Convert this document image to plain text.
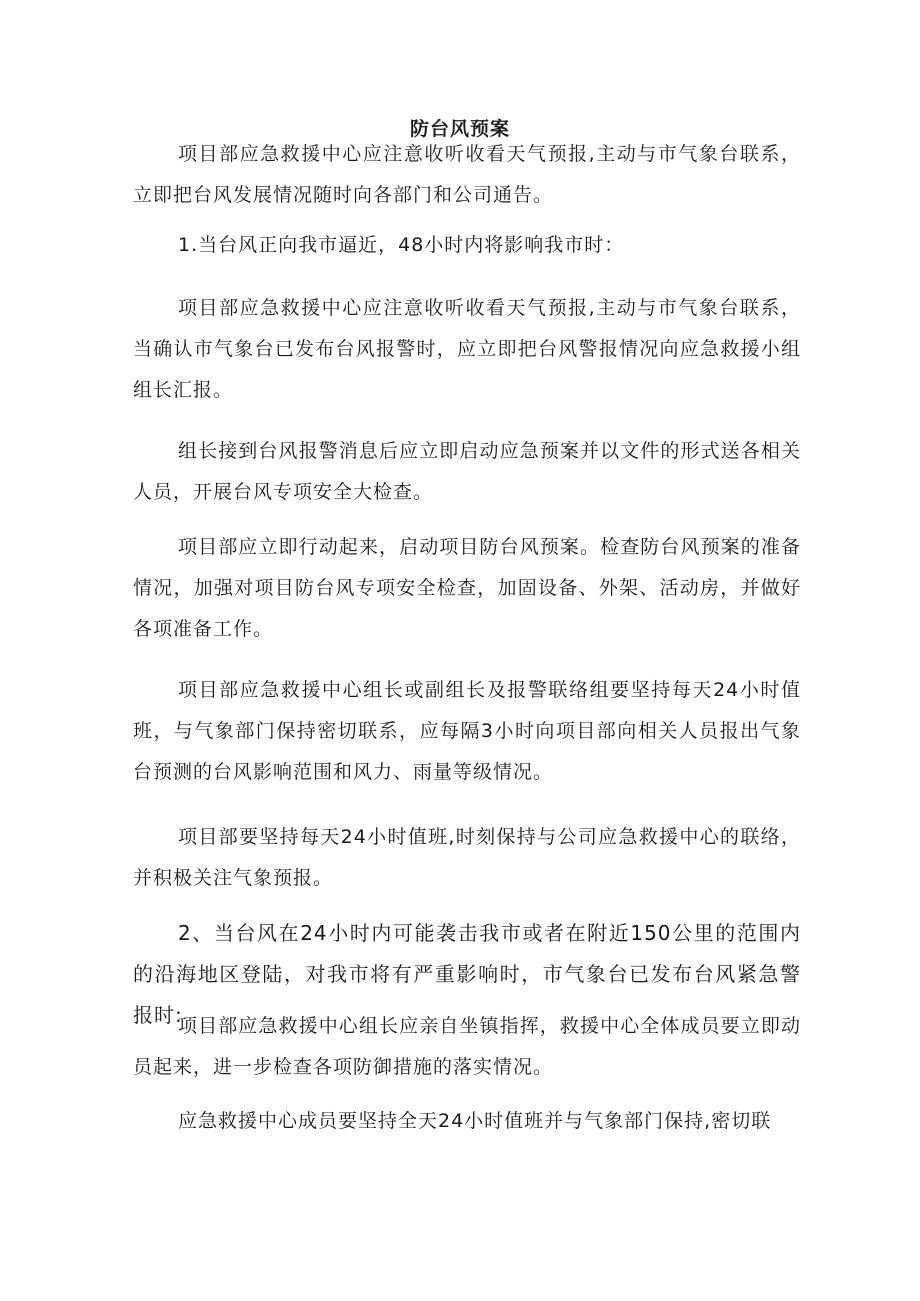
防台风预案

项目部应急救援中心应注意收听收看天气预报,主动与市气象台联系，立即把台风发展情况随时向各部门和公司通告。

1.当台风正向我市逼近，48小时内将影响我市时：

项目部应急救援中心应注意收听收看天气预报,主动与市气象台联系，当确认市气象台已发布台风报警时，应立即把台风警报情况向应急救援小组组长汇报。

组长接到台风报警消息后应立即启动应急预案并以文件的形式送各相关人员，开展台风专项安全大检查。

项目部应立即行动起来，启动项目防台风预案。检查防台风预案的准备情况，加强对项目防台风专项安全检查，加固设备、外架、活动房，并做好各项准备工作。

项目部应急救援中心组长或副组长及报警联络组要坚持每天24小时值班，与气象部门保持密切联系，应每隔3小时向项目部向相关人员报出气象台预测的台风影响范围和风力、雨量等级情况。

项目部要坚持每天24小时值班,时刻保持与公司应急救援中心的联络，并积极关注气象预报。

2、当台风在24小时内可能袭击我市或者在附近150公里的范围内的沿海地区登陆，对我市将有严重影响时，市气象台已发布台风紧急警报时:

项目部应急救援中心组长应亲自坐镇指挥，救援中心全体成员要立即动员起来，进一步检查各项防御措施的落实情况。

应急救援中心成员要坚持全天24小时值班并与气象部门保持,密切联
